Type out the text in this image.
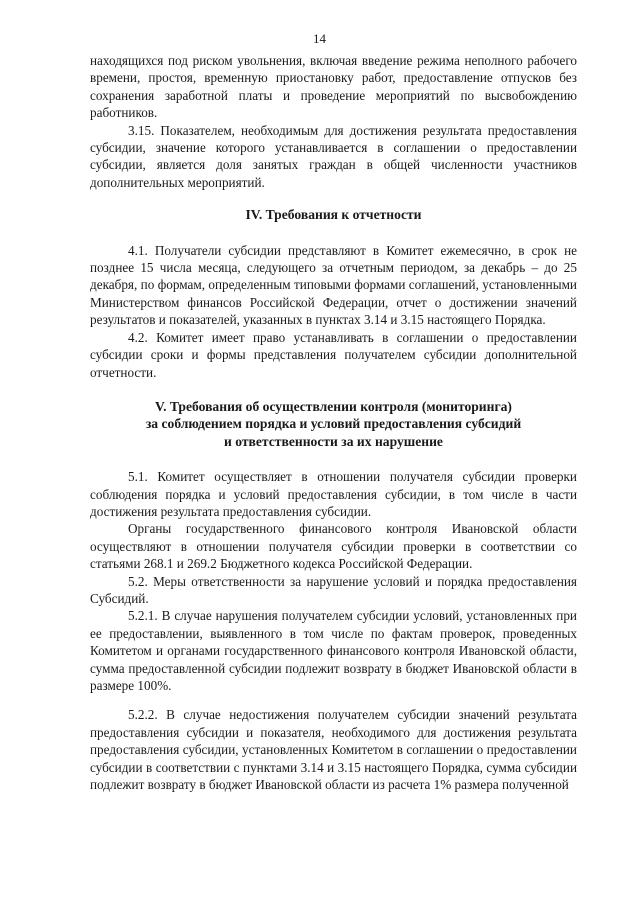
14

находящихся под риском увольнения, включая введение режима неполного рабочего времени, простоя, временную приостановку работ, предоставление отпусков без сохранения заработной платы и проведение мероприятий по высвобождению работников.

3.15. Показателем, необходимым для достижения результата предоставления субсидии, значение которого устанавливается в соглашении о предоставлении субсидии, является доля занятых граждан в общей численности участников дополнительных мероприятий.

IV. Требования к отчетности

4.1. Получатели субсидии представляют в Комитет ежемесячно, в срок не позднее 15 числа месяца, следующего за отчетным периодом, за декабрь – до 25 декабря, по формам, определенным типовыми формами соглашений, установленными Министерством финансов Российской Федерации, отчет о достижении значений результатов и показателей, указанных в пунктах 3.14 и 3.15 настоящего Порядка.

4.2. Комитет имеет право устанавливать в соглашении о предоставлении субсидии сроки и формы представления получателем субсидии дополнительной отчетности.

V. Требования об осуществлении контроля (мониторинга)
за соблюдением порядка и условий предоставления субсидий
и ответственности за их нарушение

5.1. Комитет осуществляет в отношении получателя субсидии проверки соблюдения порядка и условий предоставления субсидии, в том числе в части достижения результата предоставления субсидии.

Органы государственного финансового контроля Ивановской области осуществляют в отношении получателя субсидии проверки в соответствии со статьями 268.1 и 269.2 Бюджетного кодекса Российской Федерации.

5.2. Меры ответственности за нарушение условий и порядка предоставления Субсидий.

5.2.1. В случае нарушения получателем субсидии условий, установленных при ее предоставлении, выявленного в том числе по фактам проверок, проведенных Комитетом и органами государственного финансового контроля Ивановской области, сумма предоставленной субсидии подлежит возврату в бюджет Ивановской области в размере 100%.

5.2.2. В случае недостижения получателем субсидии значений результата предоставления субсидии и показателя, необходимого для достижения результата предоставления субсидии, установленных Комитетом в соглашении о предоставлении субсидии в соответствии с пунктами 3.14 и 3.15 настоящего Порядка, сумма субсидии подлежит возврату в бюджет Ивановской области из расчета 1% размера полученной
